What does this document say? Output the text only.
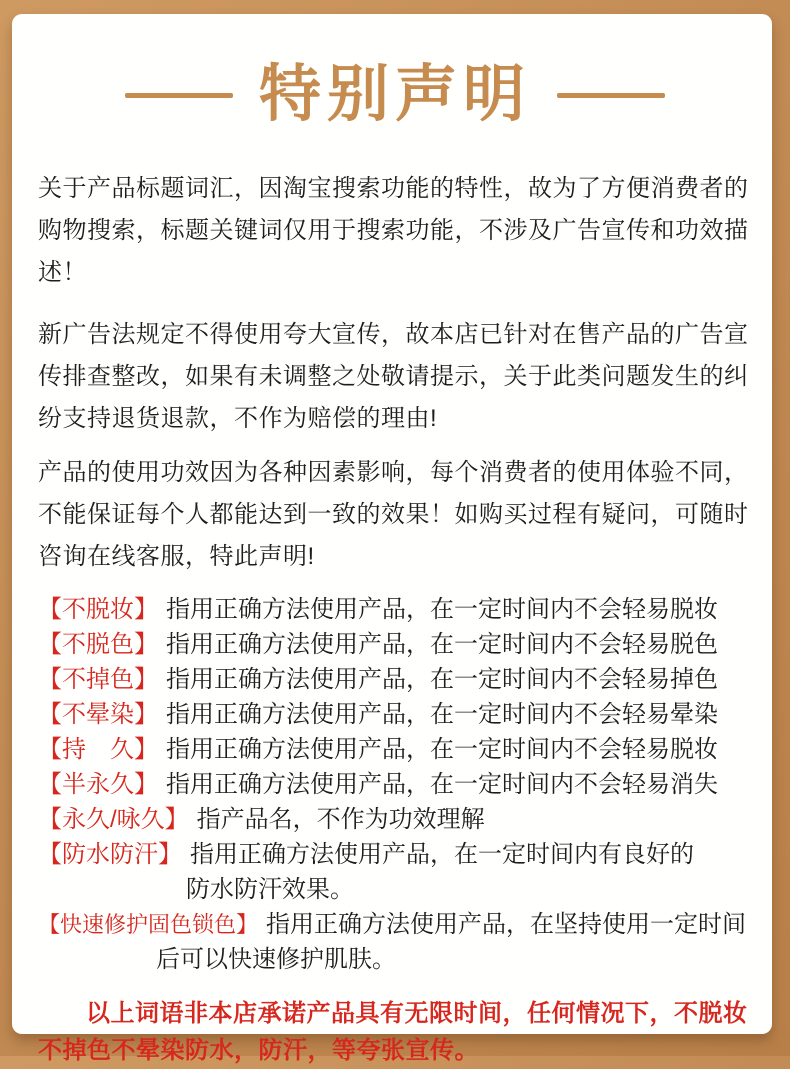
特别声明

关于产品标题词汇，因淘宝搜索功能的特性，故为了方便消费者的购物搜索，标题关键词仅用于搜索功能，不涉及广告宣传和功效描述！

新广告法规定不得使用夸大宣传，故本店已针对在售产品的广告宣传排查整改，如果有未调整之处敬请提示，关于此类问题发生的纠纷支持退货退款，不作为赔偿的理由!

产品的使用功效因为各种因素影响，每个消费者的使用体验不同，不能保证每个人都能达到一致的效果！如购买过程有疑问，可随时咨询在线客服，特此声明!

【不脱妆】 指用正确方法使用产品，在一定时间内不会轻易脱妆
【不脱色】 指用正确方法使用产品，在一定时间内不会轻易脱色
【不掉色】 指用正确方法使用产品，在一定时间内不会轻易掉色
【不晕染】 指用正确方法使用产品，在一定时间内不会轻易晕染
【持　久】 指用正确方法使用产品，在一定时间内不会轻易脱妆
【半永久】 指用正确方法使用产品，在一定时间内不会轻易消失
【永久/咏久】 指产品名，不作为功效理解
【防水防汗】 指用正确方法使用产品，在一定时间内有良好的
防水防汗效果。
【快速修护固色锁色】 指用正确方法使用产品，在坚持使用一定时间
后可以快速修护肌肤。
以上词语非本店承诺产品具有无限时间，任何情况下，不脱妆
不掉色不晕染防水，防汗，等夸张宣传。
